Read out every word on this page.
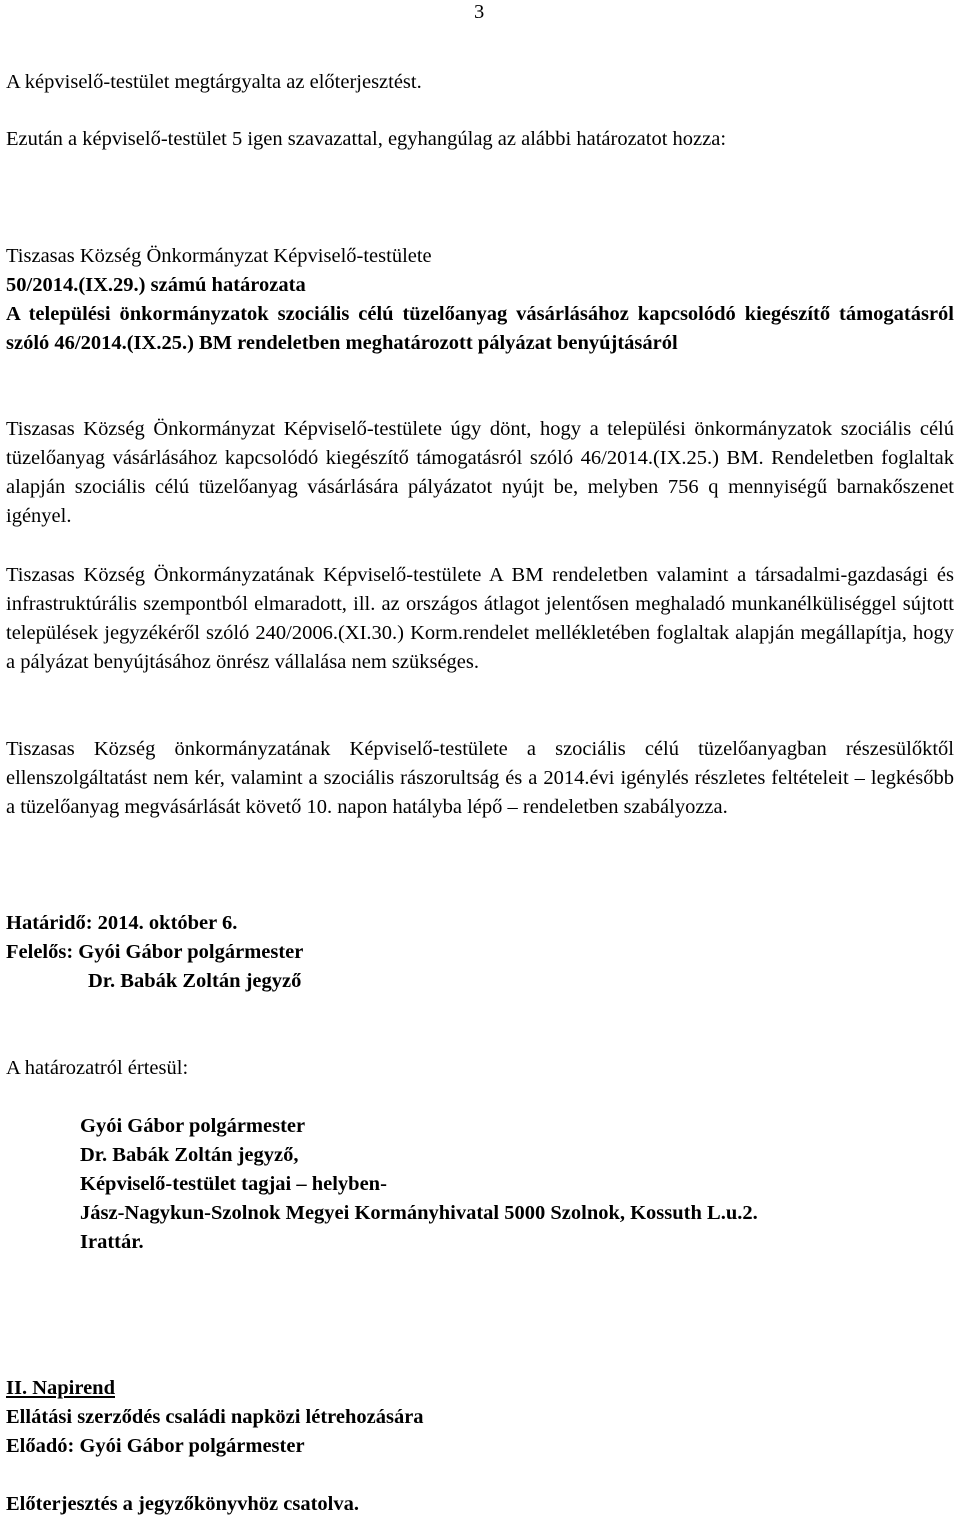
3

A képviselő-testület megtárgyalta az előterjesztést.

Ezután a képviselő-testület 5 igen szavazattal, egyhangúlag az alábbi határozatot hozza:

Tiszasas Község Önkormányzat Képviselő-testülete

50/2014.(IX.29.) számú határozata

A települési önkormányzatok szociális célú tüzelőanyag vásárlásához kapcsolódó kiegészítő támogatásról szóló 46/2014.(IX.25.) BM rendeletben meghatározott pályázat benyújtásáról

Tiszasas Község Önkormányzat Képviselő-testülete úgy dönt, hogy a települési önkormányzatok szociális célú tüzelőanyag vásárlásához kapcsolódó kiegészítő támogatásról szóló 46/2014.(IX.25.) BM. Rendeletben foglaltak alapján szociális célú tüzelőanyag vásárlására pályázatot nyújt be, melyben 756 q mennyiségű barnakőszenet igényel.

Tiszasas Község Önkormányzatának Képviselő-testülete A BM rendeletben valamint a társadalmi-gazdasági és infrastruktúrális szempontból elmaradott, ill. az országos átlagot jelentősen meghaladó munkanélküliséggel sújtott települések jegyzékéről szóló 240/2006.(XI.30.) Korm.rendelet mellékletében foglaltak alapján megállapítja, hogy a pályázat benyújtásához önrész vállalása nem szükséges.

Tiszasas Község önkormányzatának Képviselő-testülete a szociális célú tüzelőanyagban részesülőktől ellenszolgáltatást nem kér, valamint a szociális rászorultság és a 2014.évi igénylés részletes feltételeit – legkésőbb a tüzelőanyag megvásárlását követő 10. napon hatályba lépő – rendeletben szabályozza.

Határidő: 2014. október 6.

Felelős: Gyói Gábor polgármester

Dr. Babák Zoltán jegyző

A határozatról értesül:

Gyói Gábor polgármester
Dr. Babák Zoltán jegyző,
Képviselő-testület tagjai – helyben-
Jász-Nagykun-Szolnok Megyei Kormányhivatal 5000 Szolnok, Kossuth L.u.2.
Irattár.

II. Napirend

Ellátási szerződés családi napközi létrehozására

Előadó: Gyói Gábor polgármester

Előterjesztés a jegyzőkönyvhöz csatolva.
